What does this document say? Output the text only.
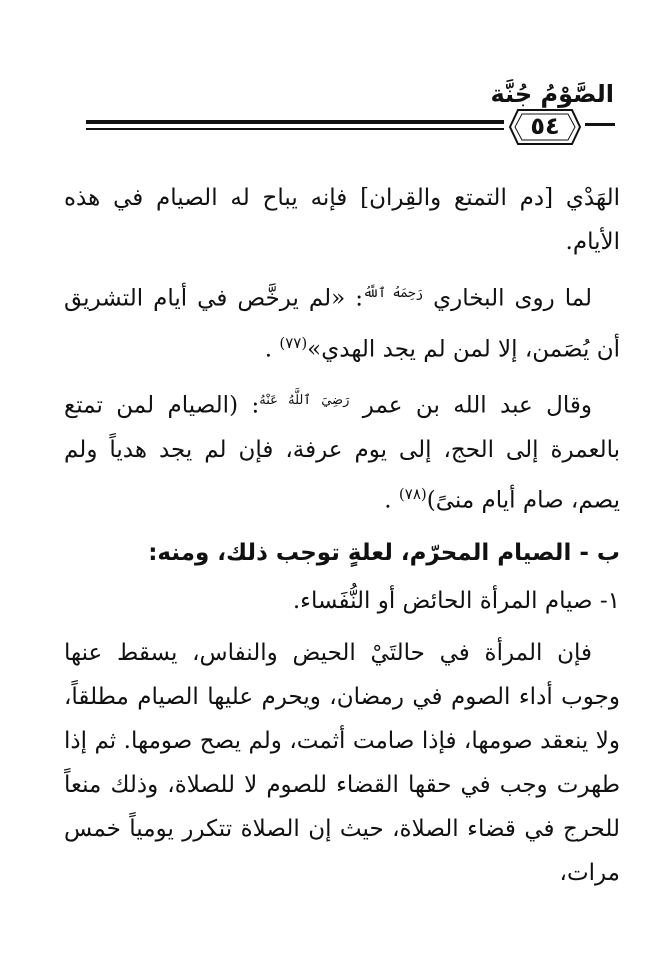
الصَّوْمُ جُنَّة
٥٤

الهَدْي [دم التمتع والقِران] فإنه يباح له الصيام في هذه الأيام.

لما روى البخاري $^{رَحِمَهُ ٱللَّهُ}$: «لم يرخَّص في أيام التشريق أن يُصَمن، إلا لمن لم يجد الهدي»$^{(٧٧)}$ .

وقال عبد الله بن عمر $^{رَضِيَ ٱللَّهُ عَنْهُ}$: (الصيام لمن تمتع بالعمرة إلى الحج، إلى يوم عرفة، فإن لم يجد هدياً ولم يصم، صام أيام منىً)$^{(٧٨)}$ .

ب - الصيام المحرّم، لعلةٍ توجب ذلك، ومنه:

١- صيام المرأة الحائض أو النُّفَساء.

فإن المرأة في حالتَيْ الحيض والنفاس، يسقط عنها وجوب أداء الصوم في رمضان، ويحرم عليها الصيام مطلقاً، ولا ينعقد صومها، فإذا صامت أثمت، ولم يصح صومها. ثم إذا طهرت وجب في حقها القضاء للصوم لا للصلاة، وذلك منعاً للحرج في قضاء الصلاة، حيث إن الصلاة تتكرر يومياً خمس مرات،
